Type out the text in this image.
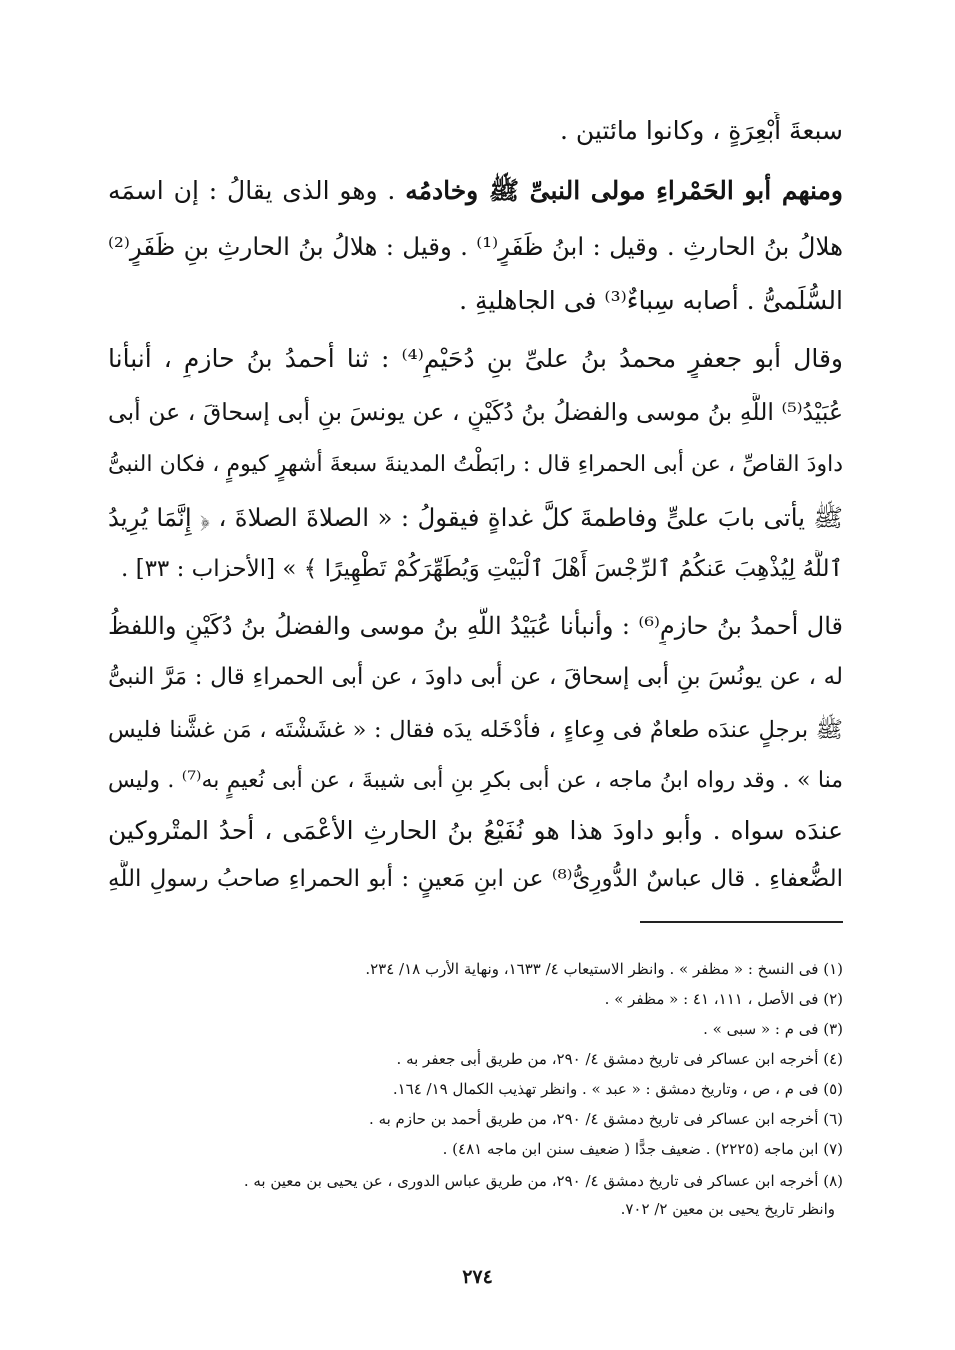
سبعةَ أَبْعِرَةٍ ، وكانوا مائتين .
ومنهم أبو الحَمْراءِ مولى النبىِّ ﷺ وخادمُه . وهو الذى يقالُ : إن اسمَه
هلالُ بنُ الحارثِ . وقيل : ابنُ ظَفَرٍ⁽¹⁾ . وقيل : هلالُ بنُ الحارثِ بنِ ظَفَرٍ⁽²⁾
السُّلَمىُّ . أصابه سِباءٌ⁽³⁾ فى الجاهليةِ .
وقال أبو جعفرٍ محمدُ بنُ علىِّ بنِ دُحَيْمٍ⁽⁴⁾ : ثنا أحمدُ بنُ حازمٍ ، أنبأنا
عُبَيْدُ⁽⁵⁾ اللَّهِ بنُ موسى والفضلُ بنُ دُكَيْنٍ ، عن يونسَ بنِ أبى إسحاقَ ، عن أبى
داودَ القاصِّ ، عن أبى الحمراءِ قال : رابَطْتُ المدينةَ سبعةَ أشهرٍ كيومٍ ، فكان النبىُّ
ﷺ يأتى بابَ علىٍّ وفاطمةَ كلَّ غداةٍ فيقولُ : « الصلاةَ الصلاةَ ، ﴿ إِنَّمَا يُرِيدُ
ٱللَّهُ لِيُذْهِبَ عَنكُمُ ٱلرِّجْسَ أَهْلَ ٱلْبَيْتِ وَيُطَهِّرَكُمْ تَطْهِيرًا ﴾ » [الأحزاب : ٣٣] .
قال أحمدُ بنُ حازمٍ⁽⁶⁾ : وأنبأنا عُبَيْدُ اللَّهِ بنُ موسى والفضلُ بنُ دُكَيْنٍ واللفظُ
له ، عن يونُسَ بنِ أبى إسحاقَ ، عن أبى داودَ ، عن أبى الحمراءِ قال : مَرَّ النبىُّ
ﷺ برجلٍ عندَه طعامٌ فى وِعاءٍ ، فأدْخَله يدَه فقال : « غشَشْتَه ، مَن غشَّنا فليس
منا » . وقد رواه ابنُ ماجه ، عن أبى بكرِ بنِ أبى شيبةَ ، عن أبى نُعيمٍ به⁽⁷⁾ . وليس
عندَه سواه . وأبو داودَ هذا هو نُفَيْعُ بنُ الحارثِ الأعْمَى ، أحدُ المتْروكين
الضُّعفاءِ . قال عباسٌ الدُّورِىُّ⁽⁸⁾ عن ابنِ مَعينٍ : أبو الحمراءِ صاحبُ رسولِ اللَّهِ
(١) فى النسخ : « مظفر » . وانظر الاستيعاب ٤/ ١٦٣٣، ونهاية الأرب ١٨/ ٢٣٤.
(٢) فى الأصل ، ١١١، ٤١ : « مظفر » .
(٣) فى م : « سبى » .
(٤) أخرجه ابن عساكر فى تاريخ دمشق ٤/ ٢٩٠، من طريق أبى جعفر به .
(٥) فى م ، ص ، وتاريخ دمشق : « عبد » . وانظر تهذيب الكمال ١٩/ ١٦٤.
(٦) أخرجه ابن عساكر فى تاريخ دمشق ٤/ ٢٩٠، من طريق أحمد بن حازم به .
(٧) ابن ماجه (٢٢٢٥) . ضعيف جدًّا ( ضعيف سنن ابن ماجه ٤٨١) .
(٨) أخرجه ابن عساكر فى تاريخ دمشق ٤/ ٢٩٠، من طريق عباس الدورى ، عن يحيى بن معين به .
وانظر تاريخ يحيى بن معين ٢/ ٧٠٢.
٢٧٤
